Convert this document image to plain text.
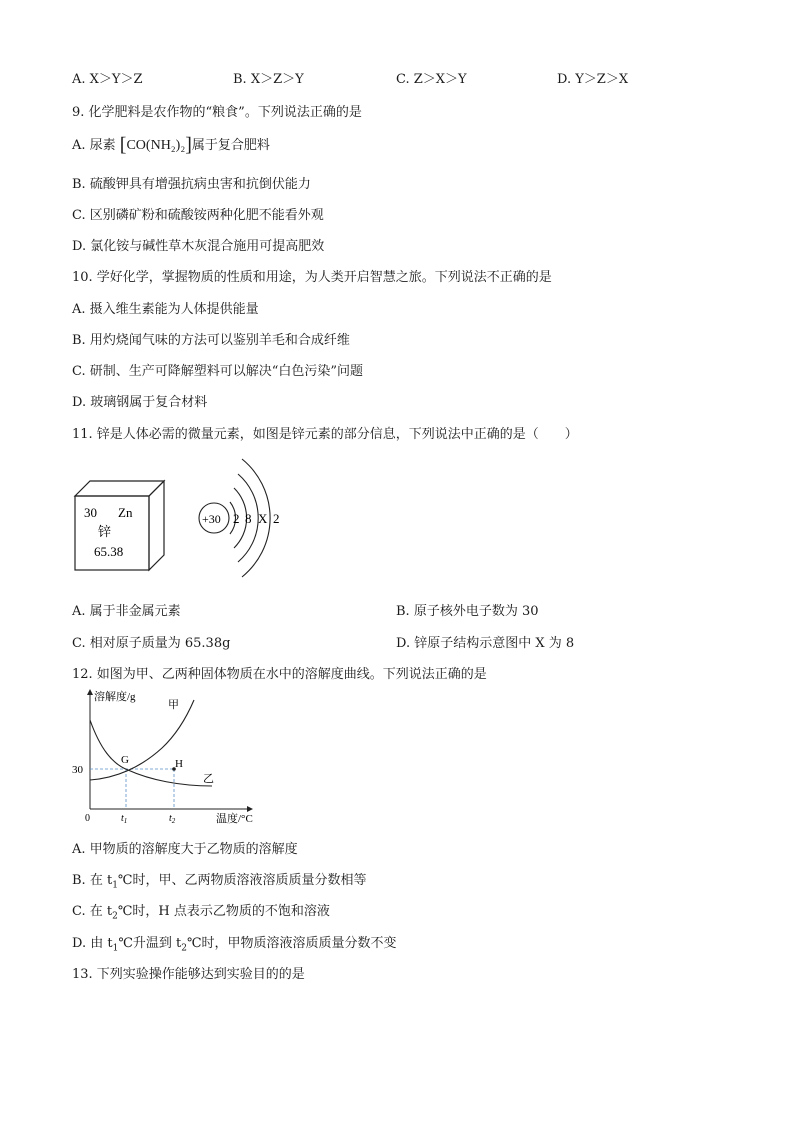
A. X＞Y＞Z	B. X＞Z＞Y	C. Z＞X＞Y	D. Y＞Z＞X
9. 化学肥料是农作物的“粮食”。下列说法正确的是
A. 尿素 [CO(NH₂)₂]属于复合肥料
B. 硫酸钾具有增强抗病虫害和抗倒伏能力
C. 区别磷矿粉和硫酸铵两种化肥不能看外观
D. 氯化铵与碱性草木灰混合施用可提高肥效
10. 学好化学，掌握物质的性质和用途，为人类开启智慧之旅。下列说法不正确的是
A. 摄入维生素能为人体提供能量
B. 用灼烧闻气味的方法可以鉴别羊毛和合成纤维
C. 研制、生产可降解塑料可以解决“白色污染”问题
D. 玻璃钢属于复合材料
11. 锌是人体必需的微量元素，如图是锌元素的部分信息，下列说法中正确的是（　　）
30 Zn
锌
65.38
+30 2 8 X 2
A. 属于非金属元素	B. 原子核外电子数为 30
C. 相对原子质量为 65.38g	D. 锌原子结构示意图中 X 为 8
12. 如图为甲、乙两种固体物质在水中的溶解度曲线。下列说法正确的是
溶解度/g
温度/°C
0
30
甲
乙
G	H
$t_1$	$t_2$
A. 甲物质的溶解度大于乙物质的溶解度
B. 在 $t_1℃$时，甲、乙两物质溶液溶质质量分数相等
C. 在 $t_2℃$时，H 点表示乙物质的不饱和溶液
D. 由 $t_1℃$升温到 $t_2℃$时，甲物质溶液溶质质量分数不变
13. 下列实验操作能够达到实验目的的是
